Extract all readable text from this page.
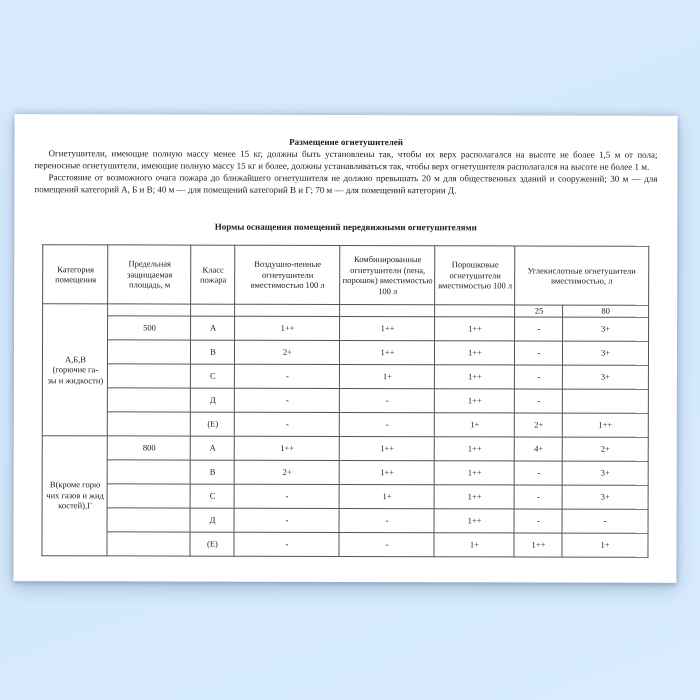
Размещение огнетушителей

Огнетушители, имеющие полную массу менее 15 кг, должны быть установлены так, чтобы их верх располагался на высоте не более 1,5 м от пола; переносные огнетушители, имеющие полную массу 15 кг и более, должны устанавливаться так, чтобы верх огнетушителя располагался на высоте не более 1 м.

Расстояние от возможного очага пожара до ближайшего огнетушителя не должно превышать 20 м для общественных зданий и сооружений; 30 м — для помещений категорий А, Б и В; 40 м — для помещений категорий В и Г; 70 м — для помещений категории Д.

Нормы оснащения помещений передвижными огнетушителями

Категория помещения	Предельная защищаемая площадь, м	Класс пожара	Воздушно-пенные огнетушители вместимостью 100 л	Комбинированные огнетушители (пена, порошок) вместимостью 100 л	Порошковые огнетушители вместимостью 100 л	Углекислотные огнетушители вместимостью, л	
А,Б,В
(горючие га-
зы и жидкости)						25	80
	500	А	1++	1++	1++	-	3+
		В	2+	1++	1++	-	3+
		С	-	1+	1++	-	3+
		Д	-	-	1++	-	
		(Е)	-	-	1+	2+	1++
В(кроме горю
чих газов и жид
костей),Г	800	А	1++	1++	1++	4+	2+
		В	2+	1++	1++	-	3+
		С	-	1+	1++	-	3+
		Д	-	-	1++	-	-
		(Е)	-	-	1+	1++	1+
